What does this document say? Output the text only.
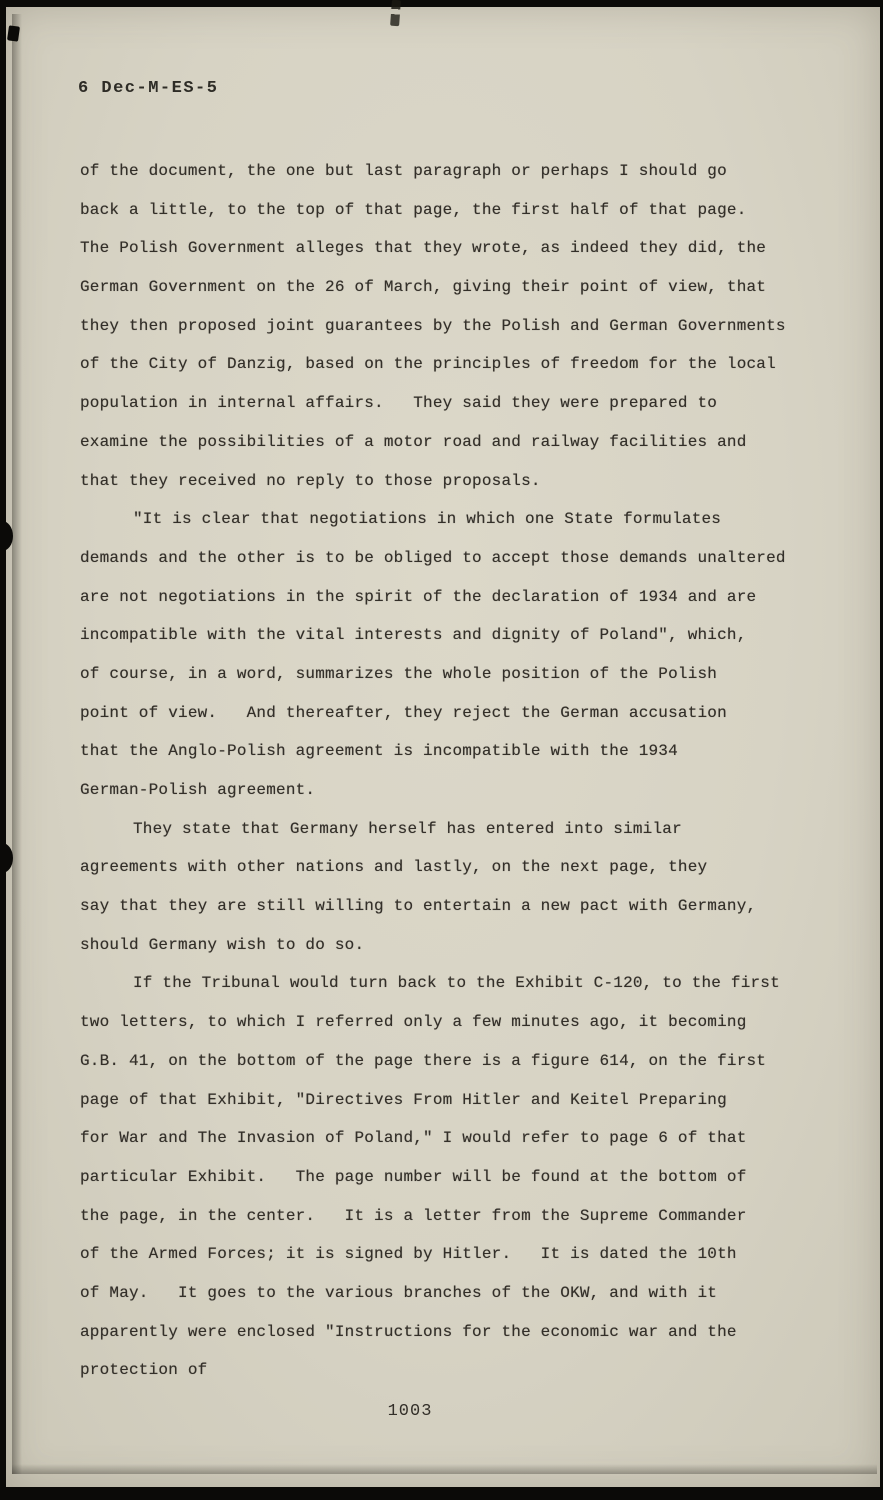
6 Dec-M-ES-5
of the document, the one but last paragraph or perhaps I should go
back a little, to the top of that page, the first half of that page.
The Polish Government alleges that they wrote, as indeed they did, the
German Government on the 26 of March, giving their point of view, that
they then proposed joint guarantees by the Polish and German Governments
of the City of Danzig, based on the principles of freedom for the local
population in internal affairs.   They said they were prepared to
examine the possibilities of a motor road and railway facilities and
that they received no reply to those proposals.
"It is clear that negotiations in which one State formulates
demands and the other is to be obliged to accept those demands unaltered
are not negotiations in the spirit of the declaration of 1934 and are
incompatible with the vital interests and dignity of Poland", which,
of course, in a word, summarizes the whole position of the Polish
point of view.   And thereafter, they reject the German accusation
that the Anglo-Polish agreement is incompatible with the 1934
German-Polish agreement.
They state that Germany herself has entered into similar
agreements with other nations and lastly, on the next page, they
say that they are still willing to entertain a new pact with Germany,
should Germany wish to do so.
If the Tribunal would turn back to the Exhibit C-120, to the first
two letters, to which I referred only a few minutes ago, it becoming
G.B. 41, on the bottom of the page there is a figure 614, on the first
page of that Exhibit, "Directives From Hitler and Keitel Preparing
for War and The Invasion of Poland," I would refer to page 6 of that
particular Exhibit.   The page number will be found at the bottom of
the page, in the center.   It is a letter from the Supreme Commander
of the Armed Forces; it is signed by Hitler.   It is dated the 10th
of May.   It goes to the various branches of the OKW, and with it
apparently were enclosed "Instructions for the economic war and the
protection of
1003
